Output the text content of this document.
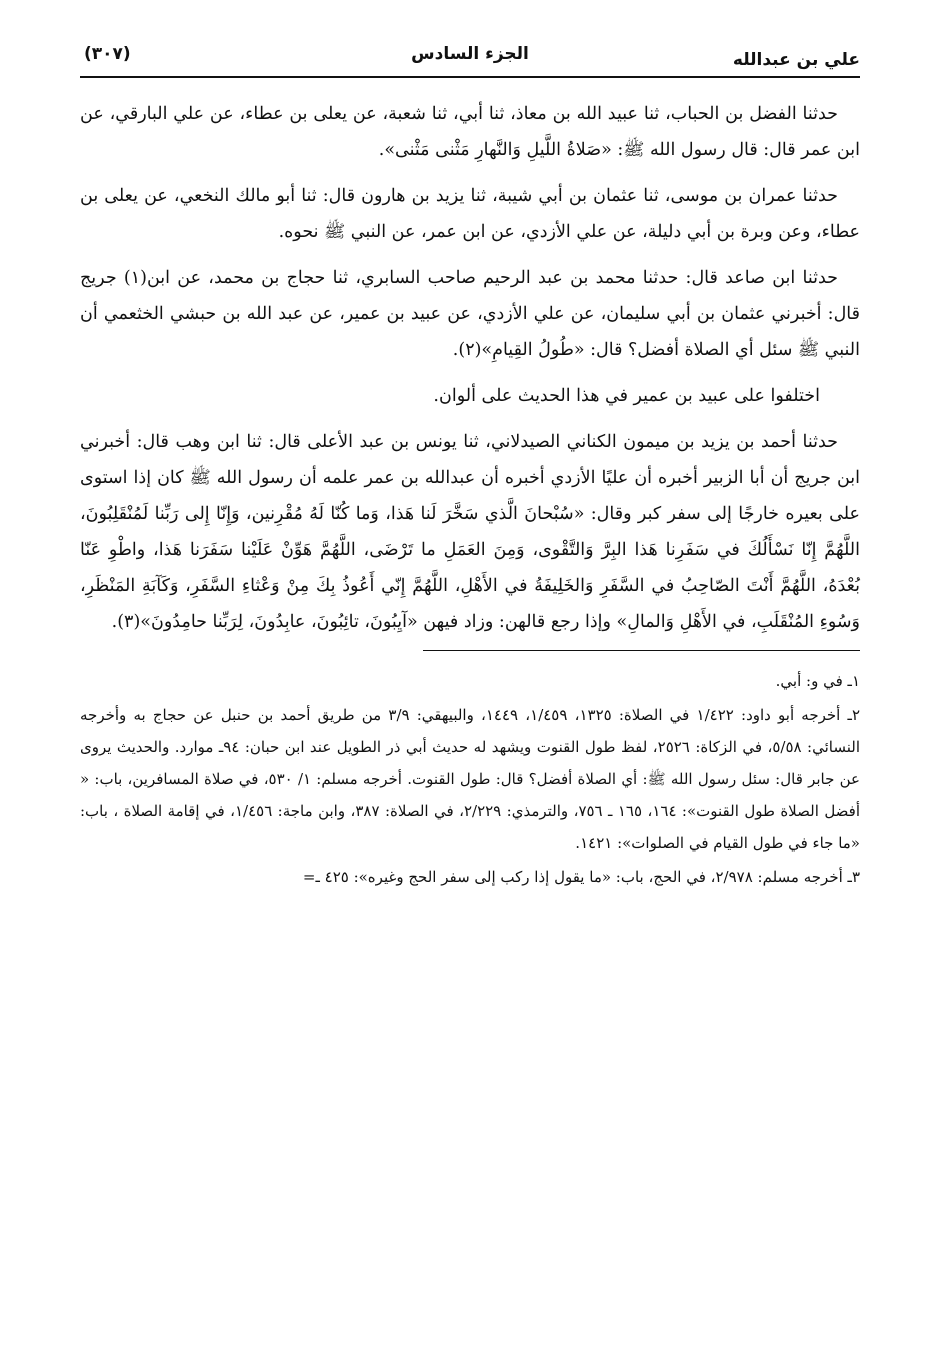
علي بن عبدالله
الجزء السادس
(٣٠٧)

حدثنا الفضل بن الحباب، ثنا عبيد الله بن معاذ، ثنا أبي، ثنا شعبة، عن يعلى بن عطاء، عن علي البارقي، عن ابن عمر قال: قال رسول الله ﷺ: «صَلاةُ اللَّيلِ وَالنَّهارِ مَثْنى مَثْنى».

حدثنا عمران بن موسى، ثنا عثمان بن أبي شيبة، ثنا يزيد بن هارون قال: ثنا أبو مالك النخعي، عن يعلى بن عطاء، وعن وبرة بن أبي دليلة، عن علي الأزدي، عن ابن عمر، عن النبي ﷺ نحوه.

حدثنا ابن صاعد قال: حدثنا محمد بن عبد الرحيم صاحب السابري، ثنا حجاج بن محمد، عن ابن(١) جريج قال: أخبرني عثمان بن أبي سليمان، عن علي الأزدي، عن عبيد بن عمير، عن عبد الله بن حبشي الخثعمي أن النبي ﷺ سئل أي الصلاة أفضل؟ قال: «طُولُ القِيامِ»(٢).

اختلفوا على عبيد بن عمير في هذا الحديث على ألوان.

حدثنا أحمد بن يزيد بن ميمون الكناني الصيدلاني، ثنا يونس بن عبد الأعلى قال: ثنا ابن وهب قال: أخبرني ابن جريج أن أبا الزبير أخبره أن عليًا الأزدي أخبره أن عبدالله بن عمر علمه أن رسول الله ﷺ كان إذا استوى على بعيره خارجًا إلى سفر كبر وقال: «سُبْحانَ الَّذي سَخَّرَ لَنا هَذا، وَما كُنّا لَهُ مُقْرِنين، وَإِنّا إِلى رَبِّنا لَمُنْقَلِبُونَ، اللَّهُمَّ إِنّا نَسْأَلُكَ في سَفَرِنا هَذا البِرَّ وَالتَّقْوى، وَمِنَ العَمَلِ ما تَرْضَى، اللَّهُمَّ هَوِّنْ عَلَيْنا سَفَرَنا هَذا، واطْوِ عَنّا بُعْدَهُ، اللَّهُمَّ أَنْتَ الصّاحِبُ في السَّفَرِ وَالخَلِيفَةُ في الأَهْلِ، اللَّهُمَّ إِنّي أَعُوذُ بِكَ مِنْ وَعْثاءِ السَّفَرِ، وَكَآبَةِ المَنْظَرِ، وَسُوءِ المُنْقَلَبِ، في الأَهْلِ وَالمالِ» وإذا رجع قالهن: وزاد فيهن «آيِبُونَ، تائِبُونَ، عابِدُونَ، لِرَبِّنا حامِدُونَ»(٣).

١ـ في و: أبي.

٢ـ أخرجه أبو داود: ١/٤٢٢ في الصلاة: ١٣٢٥، ١/٤٥٩، ١٤٤٩، والبيهقي: ٣/٩ من طريق أحمد بن حنبل عن حجاج به وأخرجه النسائي: ٥/٥٨، في الزكاة: ٢٥٢٦، لفظ طول القنوت ويشهد له حديث أبي ذر الطويل عند ابن حبان: ٩٤ـ موارد. والحديث يروى عن جابر قال: سئل رسول الله ﷺ: أي الصلاة أفضل؟ قال: طول القنوت. أخرجه مسلم: ١/ ٥٣٠، في صلاة المسافرين، باب: « أفضل الصلاة طول القنوت»: ١٦٤، ١٦٥ ـ ٧٥٦، والترمذي: ٢/٢٢٩، في الصلاة: ٣٨٧، وابن ماجة: ١/٤٥٦، في إقامة الصلاة ، باب: «ما جاء في طول القيام في الصلوات»: ١٤٢١.

٣ـ أخرجه مسلم: ٢/٩٧٨، في الحج، باب: «ما يقول إذا ركب إلى سفر الحج وغيره»: ٤٢٥ ـ=
